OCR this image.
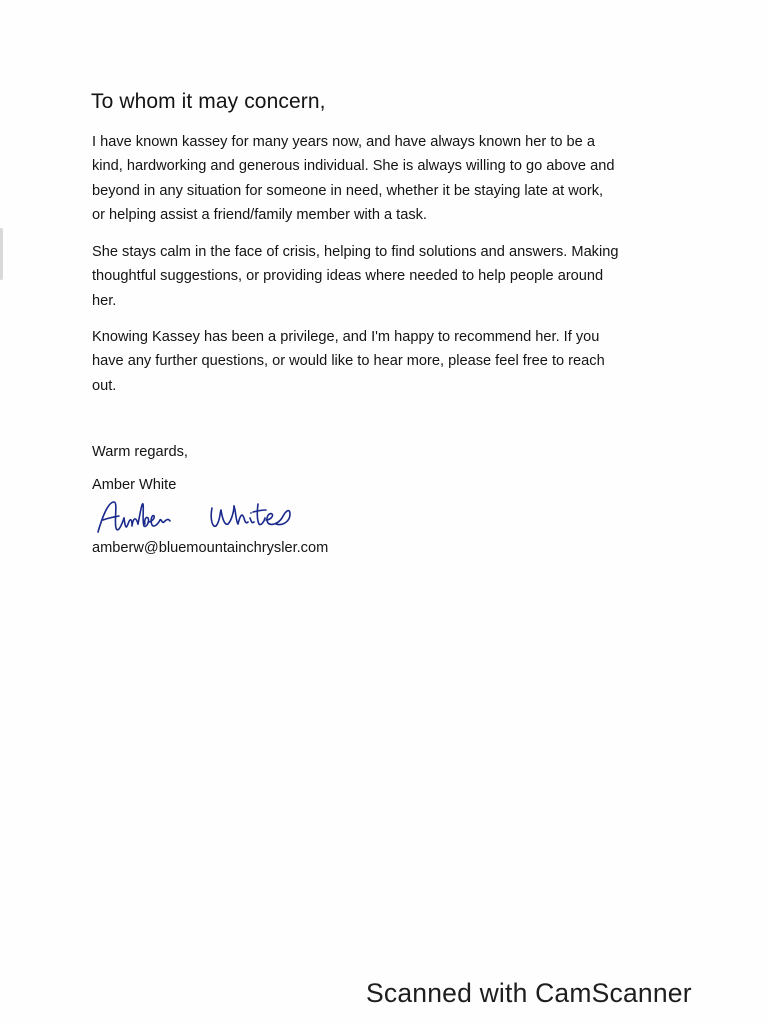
To whom it may concern,
I have known kassey for many years now, and have always known her to be a
kind, hardworking and generous individual. She is always willing to go above and
beyond in any situation for someone in need, whether it be staying late at work,
or helping assist a friend/family member with a task.
She stays calm in the face of crisis, helping to find solutions and answers. Making
thoughtful suggestions, or providing ideas where needed to help people around
her.
Knowing Kassey has been a privilege, and I'm happy to recommend her. If you
have any further questions, or would like to hear more, please feel free to reach
out.

Warm regards,

Amber White

amberw@bluemountainchrysler.com

Scanned with CamScanner
